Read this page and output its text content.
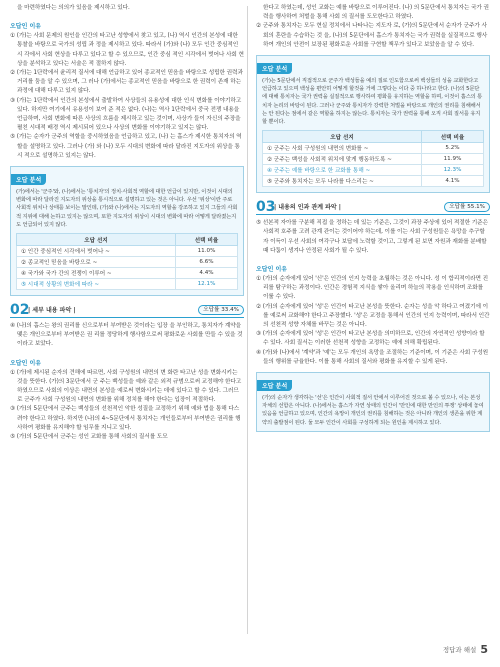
을 마련하였다는 의의가 있음을 제시하고 있다.

오답인 이유

① (가)는 사회 문제의 원인을 인간의 타고난 성향에서 찾고 있고, (나) 역시 인간의 본성에 대한 통찰을 바탕으로 국가의 성립 과 정을 제시하고 있다. 따라서 (가)와 (나) 모두 인간 중심적인 시 각에서 사회 현상을 다루고 있다고 할 수 있으므로, 인간 중심 적인 시각에서 벗어나 사회 현상을 분석하고 있다는 서술은 적 절하지 않다.

② (가)는 1단락에서 윤리적 질서에 대해 언급하고 있어 종교적인 믿음을 바탕으로 성립한 권력과 거리를 둠을 알 수 있으며, 그 러나 (가)에서는 종교적인 믿음을 바탕으로 한 권력이 존재 하는 과정에 대해 다루고 있지 않다.

③ (가)는 1단락에서 인간의 본성에서 출발하여 사상들의 유용성에 대한 인식 변화를 이야기하고 있다. 하지만 여기에서 유용성이 보여 준 적은 없다. (나)는 역사 1단락에서 중국 전쟁 내용을 언급하며, 사회 변화에 따른 사상의 흐름을 제시하고 있는 것이며, 사상가 들이 자신의 주장을 펼친 시대적 배경 역시 제시되어 있으나 사상의 변화를 이야기하고 있지는 않다.

⑤ (가)는 순자가 군주의 역할을 중시하였음을 언급하고 있고, (나) 는 홉스가 제시한 통치자의 역할을 설명하고 있다. 그러나 (가) 와 (나) 모두 시대의 변화에 따라 달라진 지도자의 위상을 통시 적으로 설명하고 있지는 않다.

오답 분석
(가)에서는 '군주'와, (나)에서는 '통치자'의 정치·사회적 역할에 대한 언급이 있지만, 이것이 시대의 변화에 따라 달라진 지도자의 위상을 통시적으로 설명하고 있는 것은 아니다. 우선 '위상'이란 주로 사회적 위치나 상태를 보이는 말인데, (가)와 (나)에서는 지도자의 역할을 강조하고 있지 그들의 사회적 지위에 대해 논하고 있지는 않으며, 또한 지도자의 위상이 시대의 변화에 따라 어떻게 달라졌는지도 언급되어 있지 않다.
오답 선지	선택 비율
① 인간 중심적인 시각에서 벗어나 ~	11.0%
② 종교적인 믿음을 바탕으로 ~	6.6%
④ 국가와 국가 간의 전쟁이 이루어 ~	4.4%
⑤ 시대적 상황의 변화에 따라 ~	12.1%
02
| 세부 내용 파악 |	오답률 33.4%

④ (나)의 홉스는 왕의 권리를 신으로부터 부여받은 것이라는 입장 을 부인하고, 통치자가 계약을 맺은 개인으로부터 부여받은 권 리를 정당하게 행사함으로써 평화로운 사회를 만들 수 있을 것이라고 보았다.

오답인 이유

① (가)에 제시된 순자의 견해에 따르면, 사회 구성원의 내면의 변 화란 타고난 성을 변화시키는 것을 뜻한다. (가)의 3문단에서 군 주는 백성들을 예와 같은 외적 규범으로써 교정해야 한다고 하였으므로 사회의 이상은 내면의 본성을 예로써 변화시키는 데에 있다고 할 수 있다. 그러므로 군주가 사회 구성원의 내면의 변화를 위해 정치를 해야 한다는 입장이 적절하다.

③ (가)의 5문단에서 군주는 백성들의 선천적인 악한 성질을 교정하기 위해 예와 법을 통해 다스려야 한다고 하였다. 하지만 (나)의 4~5문단에서 통치자는 개인들로부터 부여받은 권리를 행사하여 평화를 유지해야 할 임무를 지니고 있다.

⑤ (가)의 5문단에서 군주는 성인 교화를 통해 사회의 질서를 도모

한다고 하였는데, 성인 교화는 예를 바탕으로 이루어진다. (나) 의 5문단에서 통치자는 국가 권력을 행사하여 처벌을 통해 사회 의 질서를 도모한다고 하였다.

② 군주와 통치자는 모두 현실 정치에서 나타나는 지도자 로, (가)의 5문단에서 순자가 군주가 사회의 혼란을 수습하는 것 을, (나)의 5문단에서 홉스가 통치자는 국가 권력을 실질적으로 행사하여 개인의 안전이 보장된 평화로운 사회를 구현할 책무가 있다고 보았음을 알 수 있다.

오답 분석
(가)는 5문단에서 직접적으로 군주가 백성들을 예의 질로 인도함으로써 백성들의 성을 교화한다고 언급하고 있으며 백성을 편안히 어떻게 할것을 거에 그렇다는 이다 중 하나라고 한다. (나)의 5문단에 대해 통치자는 국가 권력을 실질적으로 행사하여 평화를 유지하는 역할을 하며, 이것이 홉스의 통치자 논리의 바탕이 된다. 그러나 군주와 통치자가 강력한 처벌을 바탕으로 개인의 권리를 침해해서는 안 된다는 점에서 같은 역할을 하지는 않는다. 통치자는 국가 권력을 통해 오직 사회 질서를 유지할 뿐이다.
오답 선지	선택 비율
① 군주는 사회 구성원의 내면의 변화를 ~	5.2%
② 군주는 백성을 사회적 위치에 맞게 행동하도록 ~	11.9%
④ 군주는 예를 바탕으로 한 교화를 통해 ~	12.3%
⑤ 군주와 통치자는 모두 나라를 다스리는 ~	4.1%
03
| 내용의 인과 관계 파악 |	오답률 55.1%

⑤ 선본적 자아를 구분해 직접 을 정하는 데 있는 기준은, 그것이 과장 주상에 있어 적절한 기준은 사회적 호주를 고려 관계 관이는 것이어야 하는데, 이를 이는 사회 구성원들은 욕망을 추구할 자 이득이 우선 사회의 여각구나 보답에 노력할 것이고, 그렇게 된 보면 자원과 재화를 분배할 때 다툼이 생겨나 안정된 사회가 될 수 있다.

오답인 이유

① (가)의 순자에게 있어 '신'은 인간의 인지 능력을 초월하는 것은 아니다. 성 이 합리적이라면 진리를 탐구하는 과정이다. 인간은 경험적 지식을 쌓아 올리며 하늘의 작용을 인식하며 조화를 이룰 수 있다.

② (가)의 순자에게 있어 '성'은 인간이 타고난 본성을 뜻한다. 순자는 성을 악 하다고 여겼기에 이를 예로써 교화해야 한다고 주장했다. '성'은 교정을 통해서 인간의 인지 능력이며, 따라서 인간의 선천적 성향 자체를 바꾸는 것은 아니다.

③ (가)의 순자에게 있어 '성'은 인간이 타고난 본성을 의미하므로, 인간의 자연적인 성향이라 할 수 있다. 사회 질서는 이러한 선천적 성향을 교정하는 예에 의해 확립된다.

④ (가)와 (나)에서 '계약'과 '예'는 모두 개인의 욕망을 조절하는 기준이며, 이 기준은 사회 구성원들의 행위를 규율한다. 이를 통해 사회의 질서와 평화를 유지할 수 있게 된다.

오답 분석
(가)의 순자가 생각하는 '선'은 인간이 사회적 질서 안에서 이루어진 것으로 볼 수 있으나, 이는 본성 자체의 선함은 아니다. (나)에서는 홉스가 자연 상태의 인간이 '만인에 대한 만인의 투쟁' 상태에 놓여 있음을 언급하고 있으며, 인간의 욕망이 개인의 권리를 침해하는 것은 아니라 개인의 생존을 위한 계약의 출발점이 된다. 둘 모두 인간이 사회를 구성하게 되는 원인을 제시하고 있다.
정답과 해설 5
